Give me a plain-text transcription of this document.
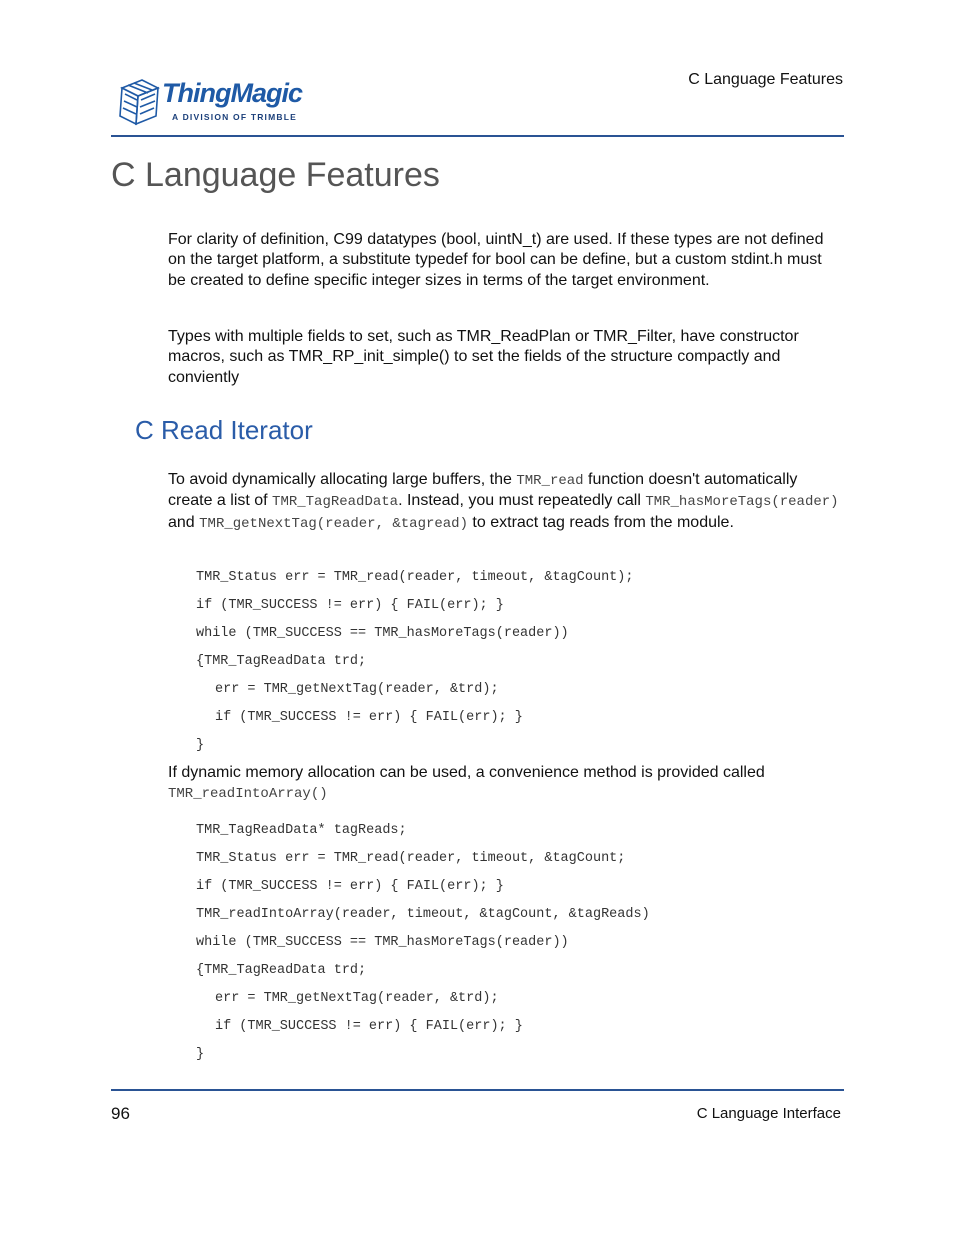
ThingMagic
A DIVISION OF TRIMBLE
C Language Features
C Language Features

For clarity of definition, C99 datatypes (bool, uintN_t) are used. If these types are not defined on the target platform, a substitute typedef for bool can be define, but a custom stdint.h must be created to define specific integer sizes in terms of the target environment.

Types with multiple fields to set, such as TMR_ReadPlan or TMR_Filter, have constructor macros, such as TMR_RP_init_simple() to set the fields of the structure compactly and conviently

C Read Iterator

To avoid dynamically allocating large buffers, the TMR_read function doesn't automatically create a list of TMR_TagReadData. Instead, you must repeatedly call TMR_hasMoreTags(reader) and TMR_getNextTag(reader, &tagread) to extract tag reads from the module.

TMR_Status err = TMR_read(reader, timeout, &tagCount);
if (TMR_SUCCESS != err) { FAIL(err); }
while (TMR_SUCCESS == TMR_hasMoreTags(reader))
{TMR_TagReadData trd;
err = TMR_getNextTag(reader, &trd);
if (TMR_SUCCESS != err) { FAIL(err); }
}

If dynamic memory allocation can be used, a convenience method is provided called TMR_readIntoArray()

TMR_TagReadData* tagReads;
TMR_Status err = TMR_read(reader, timeout, &tagCount;
if (TMR_SUCCESS != err) { FAIL(err); }
TMR_readIntoArray(reader, timeout, &tagCount, &tagReads)
while (TMR_SUCCESS == TMR_hasMoreTags(reader))
{TMR_TagReadData trd;
err = TMR_getNextTag(reader, &trd);
if (TMR_SUCCESS != err) { FAIL(err); }
}
96	C Language Interface
